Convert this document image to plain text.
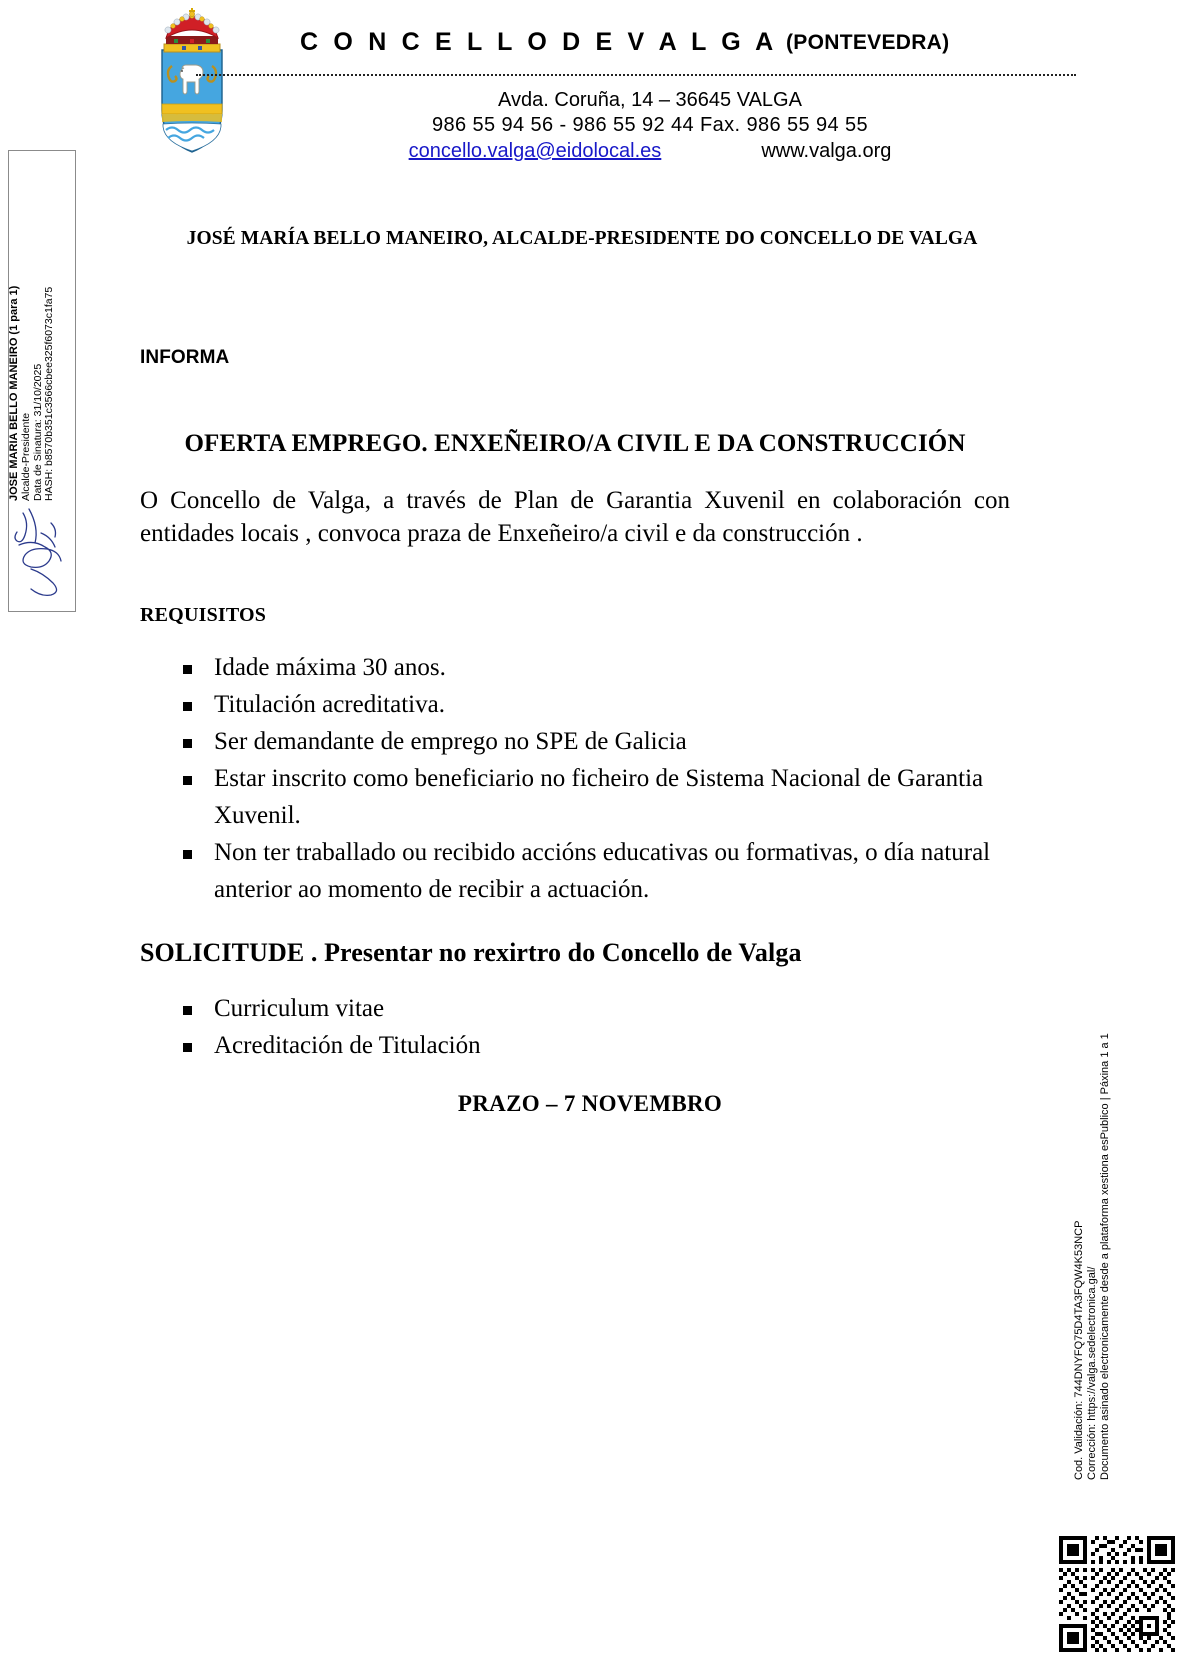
C O N C E L L O D E V A L G A (PONTEVEDRA)
Avda. Coruña, 14 – 36645 VALGA
986 55 94 56 - 986 55 92 44 Fax. 986 55 94 55
concello.valga@eidolocal.es	www.valga.org
JOSE MARIA BELLO MANEIRO (1 para 1) Alcalde-Presidente Data de Sinatura: 31/10/2025 HASH: b8570b351c3566cbee325f6073c1fa75
JOSÉ MARÍA BELLO MANEIRO, ALCALDE-PRESIDENTE DO CONCELLO DE VALGA
INFORMA
OFERTA EMPREGO. ENXEÑEIRO/A CIVIL E DA CONSTRUCCIÓN

O Concello de Valga, a través de Plan de Garantia Xuvenil en colaboración con entidades locais , convoca praza de Enxeñeiro/a civil e da construcción .

REQUISITOS
Idade máxima 30 anos.
Titulación acreditativa.
Ser demandante de emprego no SPE de Galicia
Estar inscrito como beneficiario no ficheiro de Sistema Nacional de Garantia Xuvenil.
Non ter traballado ou recibido accións educativas ou formativas, o día natural anterior ao momento de recibir a actuación.
SOLICITUDE . Presentar no rexirtro do Concello de Valga
Curriculum vitae
Acreditación de Titulación
PRAZO – 7 NOVEMBRO
Cod. Validación: 744DNYFQ75D4TA3FQW4K53NCP Corrección: https://valga.sedelectronica.gal/ Documento asinado electronicamente desde a plataforma xestiona esPublico | Páxina 1 a 1
